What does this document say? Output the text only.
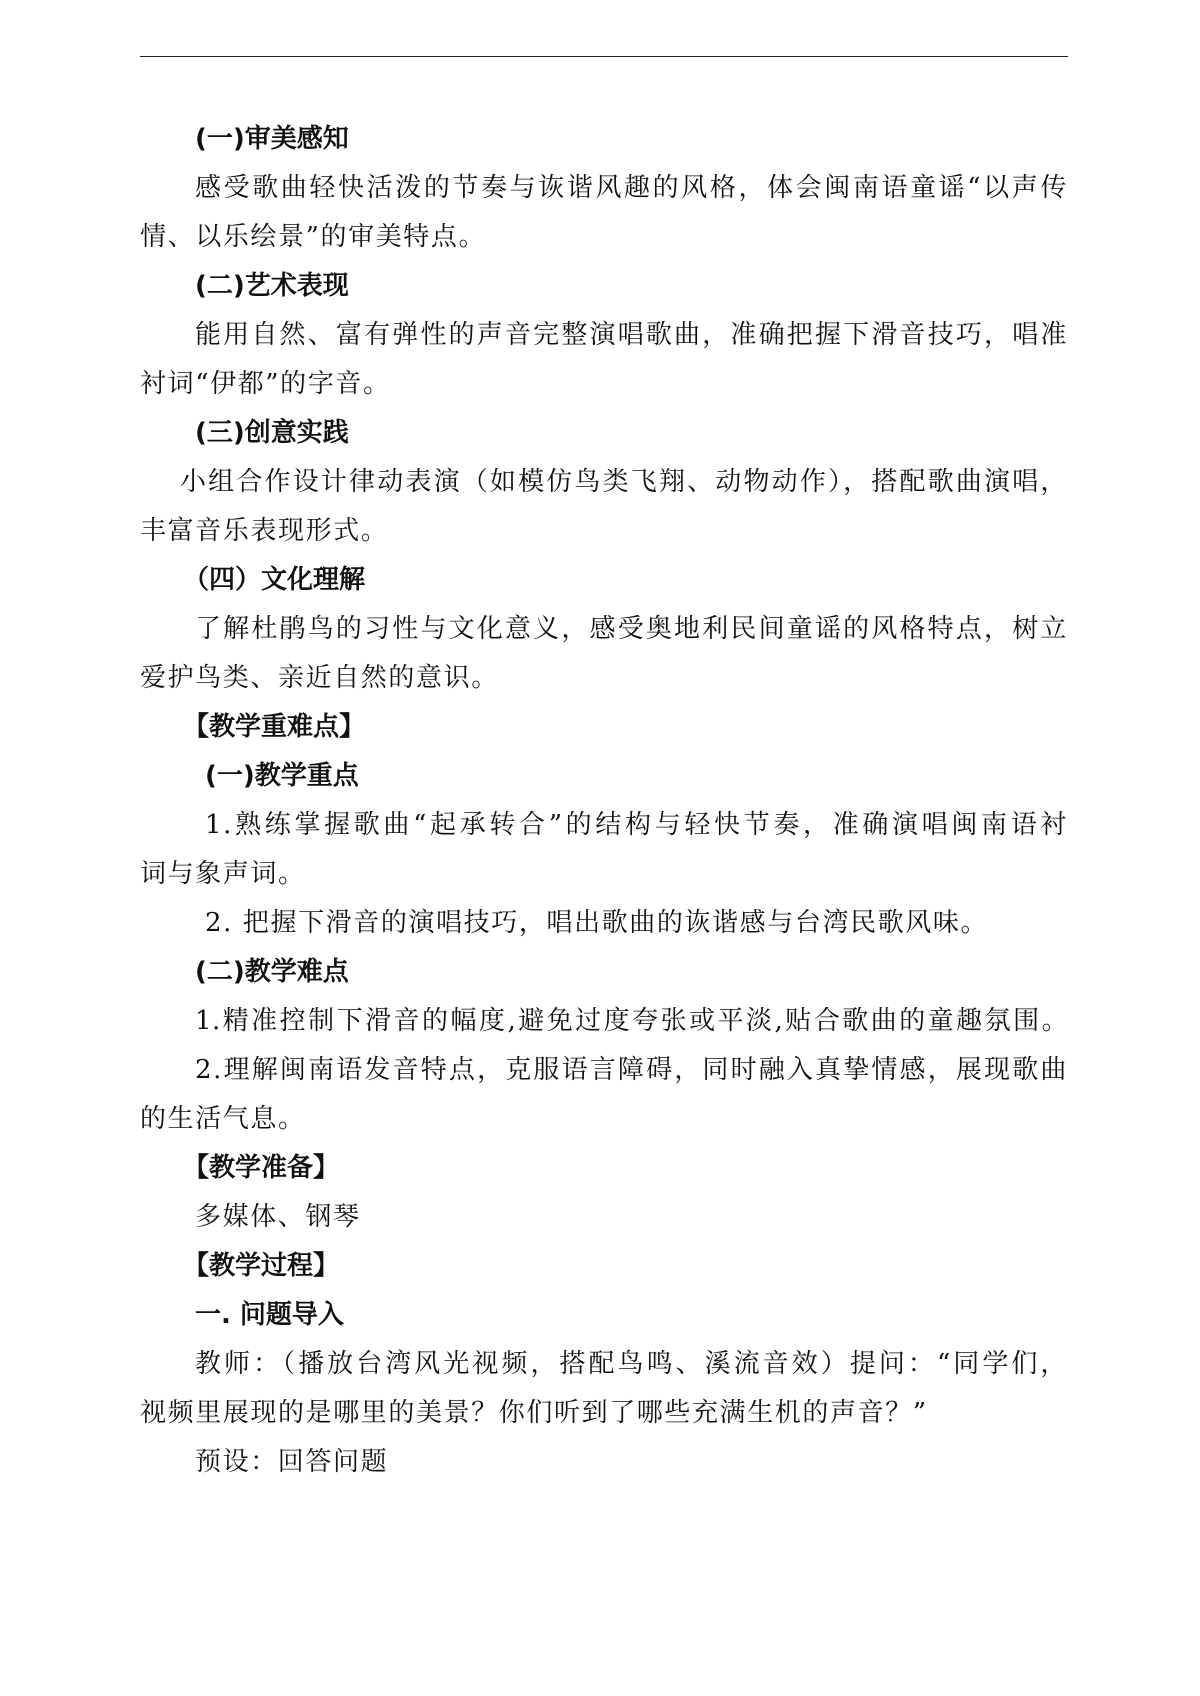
(一)审美感知
感受歌曲轻快活泼的节奏与诙谐风趣的风格，体会闽南语童谣“以声传
情、以乐绘景”的审美特点。
(二)艺术表现
能用自然、富有弹性的声音完整演唱歌曲，准确把握下滑音技巧，唱准
衬词“伊都”的字音。
(三)创意实践
小组合作设计律动表演（如模仿鸟类飞翔、动物动作），搭配歌曲演唱，
丰富音乐表现形式。
（四）文化理解
了解杜鹃鸟的习性与文化意义，感受奥地利民间童谣的风格特点，树立
爱护鸟类、亲近自然的意识。
【教学重难点】
(一)教学重点
1.熟练掌握歌曲“起承转合”的结构与轻快节奏，准确演唱闽南语衬
词与象声词。
2. 把握下滑音的演唱技巧，唱出歌曲的诙谐感与台湾民歌风味。
(二)教学难点
1.精准控制下滑音的幅度,避免过度夸张或平淡,贴合歌曲的童趣氛围。
2.理解闽南语发音特点，克服语言障碍，同时融入真挚情感，展现歌曲
的生活气息。
【教学准备】
多媒体、钢琴
【教学过程】
一. 问题导入
教师：（播放台湾风光视频，搭配鸟鸣、溪流音效）提问：“同学们，
视频里展现的是哪里的美景？你们听到了哪些充满生机的声音？”
预设：回答问题
